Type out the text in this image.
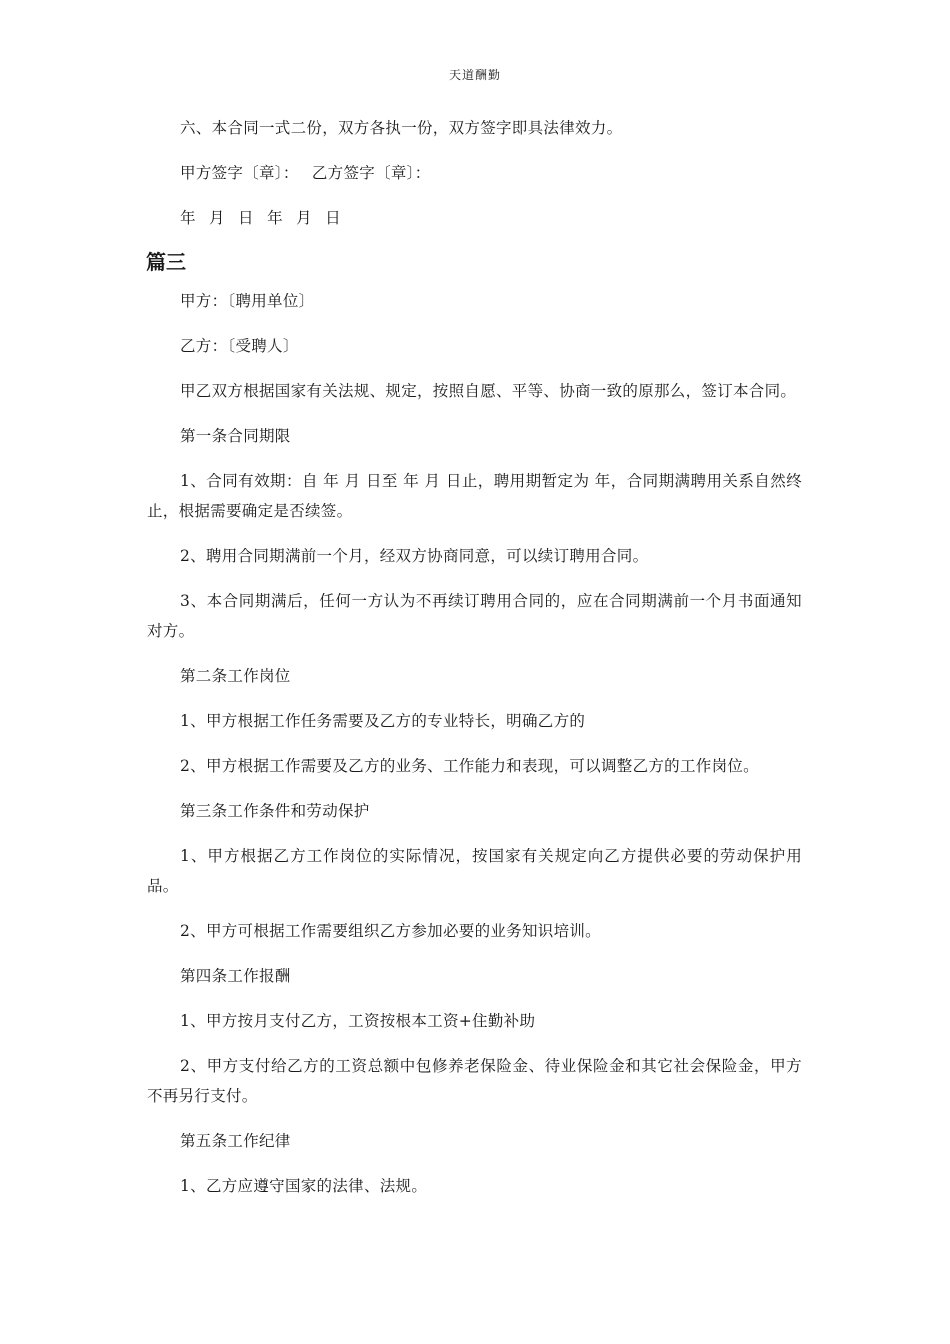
天道酬勤

六、本合同一式二份，双方各执一份，双方签字即具法律效力。

甲方签字〔章〕： 乙方签字〔章〕：

年 月 日 年 月 日

篇三

甲方：〔聘用单位〕

乙方：〔受聘人〕

甲乙双方根据国家有关法规、规定，按照自愿、平等、协商一致的原那么，签订本合同。

第一条合同期限

1、合同有效期：自 年 月 日至 年 月 日止，聘用期暂定为 年，合同期满聘用关系自然终止，根据需要确定是否续签。

2、聘用合同期满前一个月，经双方协商同意，可以续订聘用合同。

3、本合同期满后，任何一方认为不再续订聘用合同的，应在合同期满前一个月书面通知对方。

第二条工作岗位

1、甲方根据工作任务需要及乙方的专业特长，明确乙方的

2、甲方根据工作需要及乙方的业务、工作能力和表现，可以调整乙方的工作岗位。

第三条工作条件和劳动保护

1、甲方根据乙方工作岗位的实际情况，按国家有关规定向乙方提供必要的劳动保护用品。

2、甲方可根据工作需要组织乙方参加必要的业务知识培训。

第四条工作报酬

1、甲方按月支付乙方，工资按根本工资+住勤补助

2、甲方支付给乙方的工资总额中包修养老保险金、待业保险金和其它社会保险金，甲方不再另行支付。

第五条工作纪律

1、乙方应遵守国家的法律、法规。
